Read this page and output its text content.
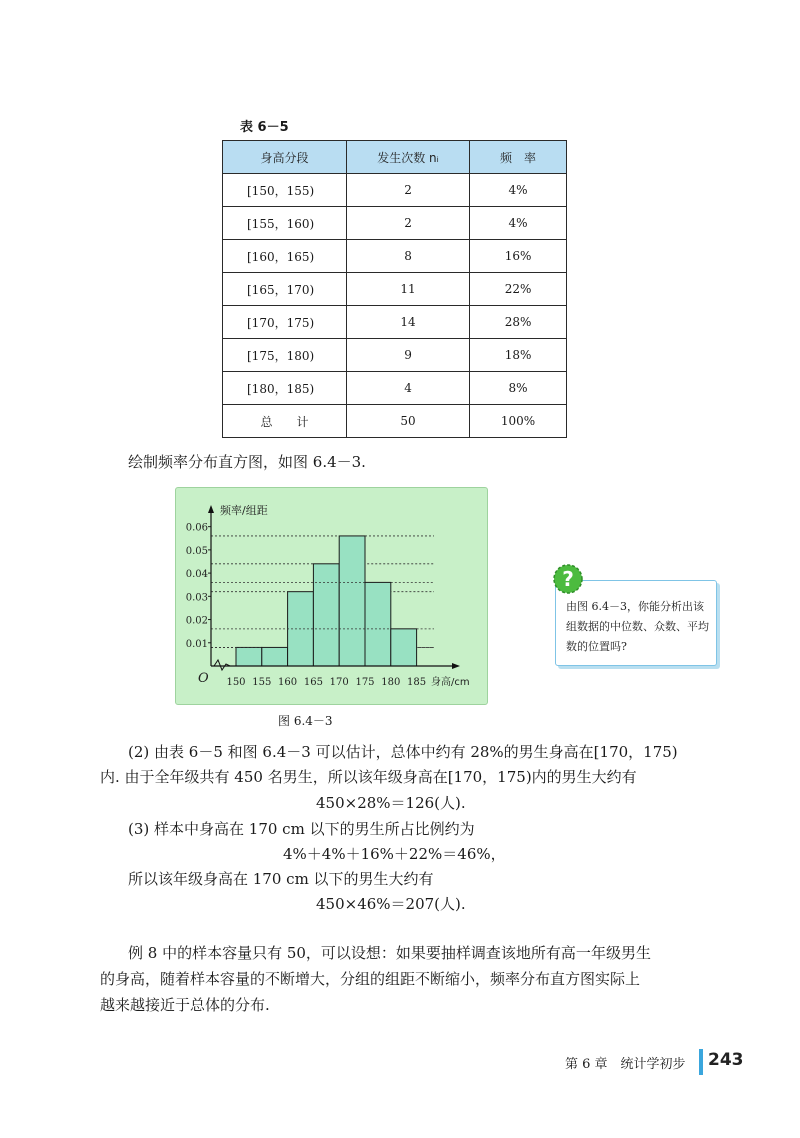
表 6－5
身高分段	发生次数 nᵢ	频　率
[150，155)	2	4%
[155，160)	2	4%
[160，165)	8	16%
[165，170)	11	22%
[170，175)	14	28%
[175，180)	9	18%
[180，185)	4	8%
总　　计	50	100%
绘制频率分布直方图，如图 6.4－3.
0.01
0.02
0.03
0.04
0.05
0.06
150 155 160 165 170 175 180 185
O
频率/组距
身高/cm
图 6.4－3
?
由图 6.4－3，你能分析出该组数据的中位数、众数、平均数的位置吗?
(2) 由表 6－5 和图 6.4－3 可以估计，总体中约有 28%的男生身高在[170，175)
内. 由于全年级共有 450 名男生，所以该年级身高在[170，175)内的男生大约有
450×28%＝126(人).
(3) 样本中身高在 170 cm 以下的男生所占比例约为
4%＋4%＋16%＋22%＝46%，
所以该年级身高在 170 cm 以下的男生大约有
450×46%＝207(人).
例 8 中的样本容量只有 50，可以设想：如果要抽样调查该地所有高一年级男生
的身高，随着样本容量的不断增大，分组的组距不断缩小，频率分布直方图实际上
越来越接近于总体的分布.
第 6 章　统计学初步 243
